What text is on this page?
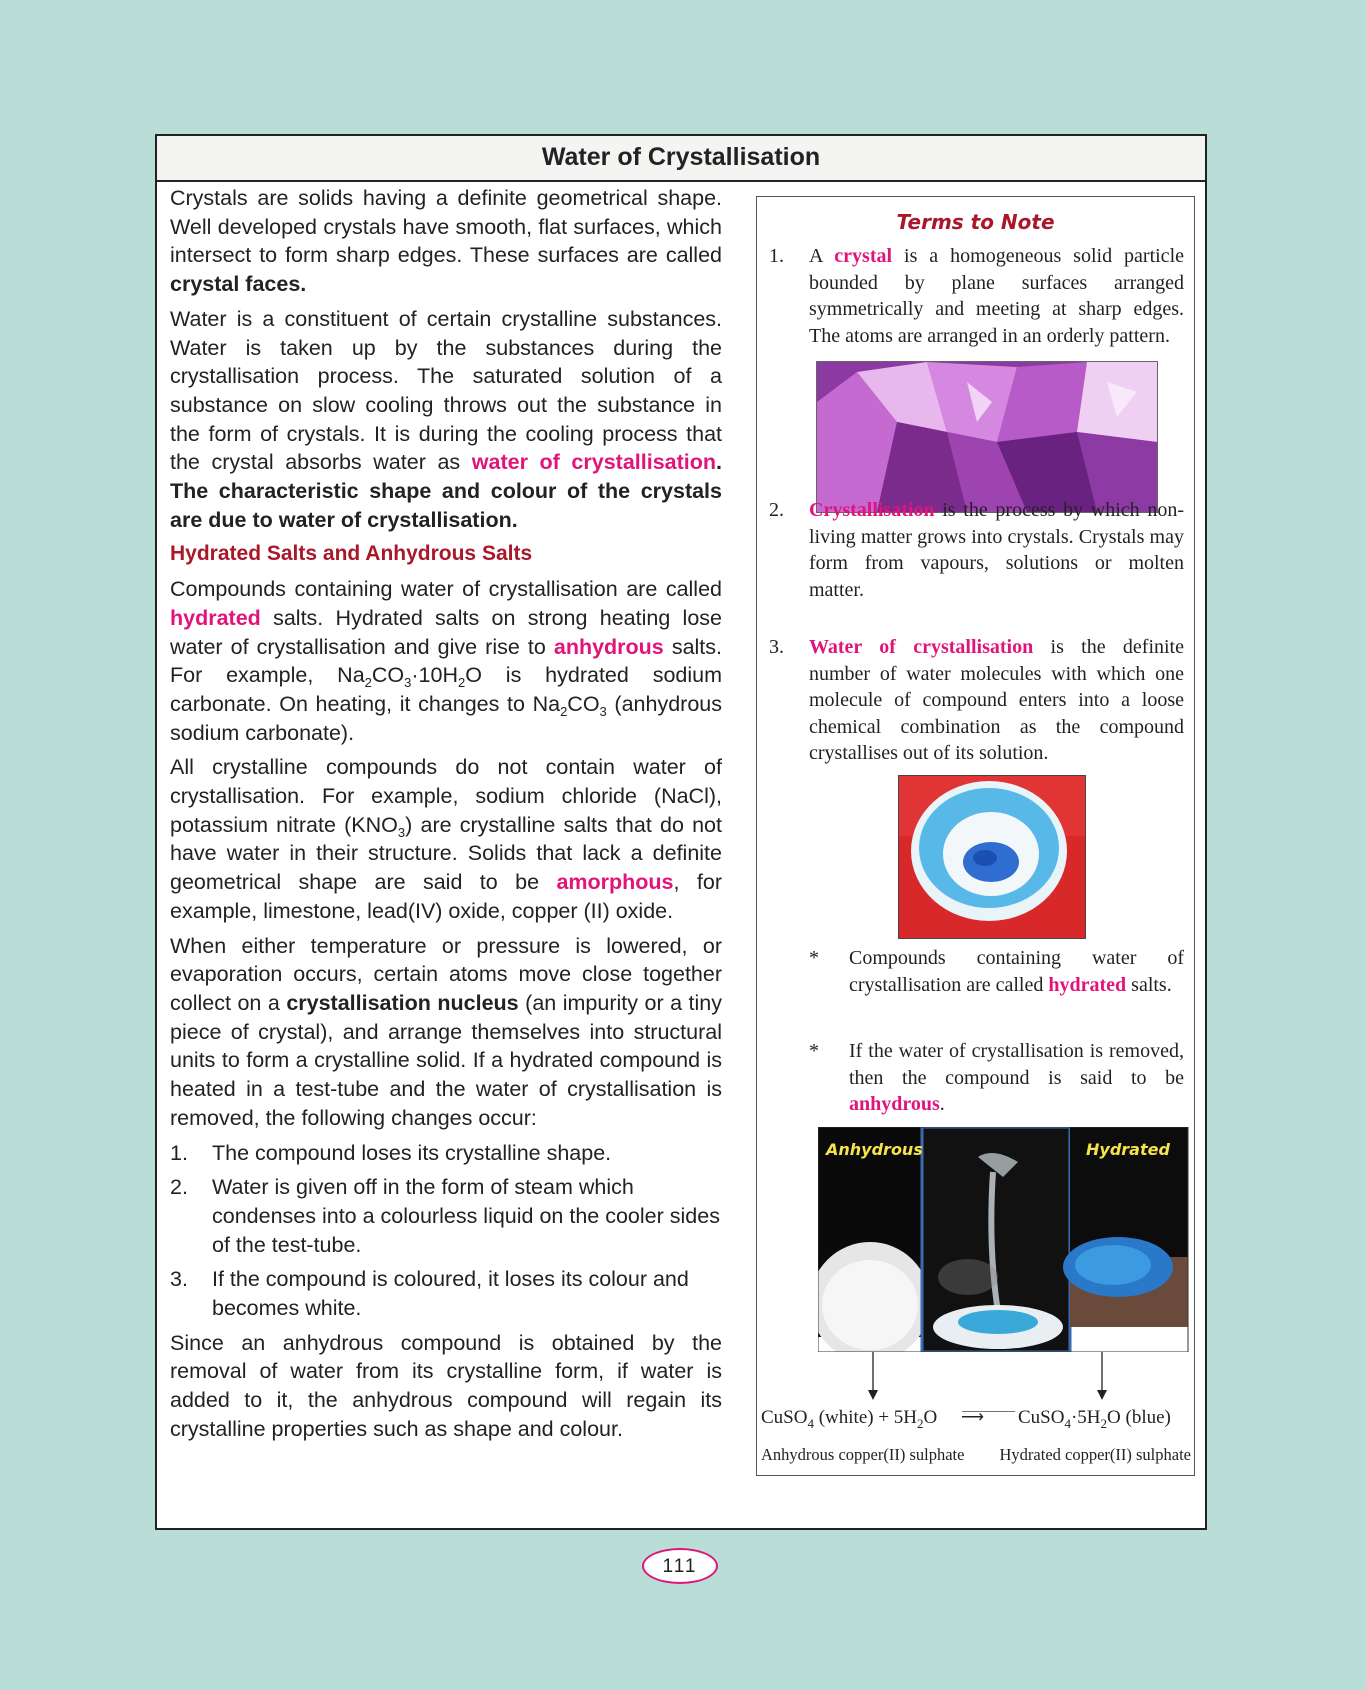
Water of Crystallisation

Crystals are solids having a definite geometrical shape. Well developed crystals have smooth, flat surfaces, which intersect to form sharp edges. These surfaces are called crystal faces.

Water is a constituent of certain crystalline substances. Water is taken up by the substances during the crystallisation process. The saturated solution of a substance on slow cooling throws out the substance in the form of crystals. It is during the cooling process that the crystal absorbs water as water of crystallisation. The characteristic shape and colour of the crystals are due to water of crystallisation.

Hydrated Salts and Anhydrous Salts

Compounds containing water of crystallisation are called hydrated salts. Hydrated salts on strong heating lose water of crystallisation and give rise to anhydrous salts. For example, $Na_2CO_3\cdot 10H_2O$ is hydrated sodium carbonate. On heating, it changes to $Na_2CO_3$ (anhydrous sodium carbonate).

All crystalline compounds do not contain water of crystallisation. For example, sodium chloride (NaCl), potassium nitrate $(KNO_3)$ are crystalline salts that do not have water in their structure. Solids that lack a definite geometrical shape are said to be amorphous, for example, limestone, lead(IV) oxide, copper (II) oxide.

When either temperature or pressure is lowered, or evaporation occurs, certain atoms move close together collect on a crystallisation nucleus (an impurity or a tiny piece of crystal), and arrange themselves into structural units to form a crystalline solid. If a hydrated compound is heated in a test-tube and the water of crystallisation is removed, the following changes occur:

1.	The compound loses its crystalline shape.
2.	Water is given off in the form of steam which condenses into a colourless liquid on the cooler sides of the test-tube.
3.	If the compound is coloured, it loses its colour and becomes white.

Since an anhydrous compound is obtained by the removal of water from its crystalline form, if water is added to it, the anhydrous compound will regain its crystalline properties such as shape and colour.

Terms to Note
1.	A crystal is a homogeneous solid particle bounded by plane surfaces arranged symmetrically and meeting at sharp edges. The atoms are arranged in an orderly pattern.
2.	Crystallisation is the process by which non-living matter grows into crystals. Crystals may form from vapours, solutions or molten matter.
3.	Water of crystallisation is the definite number of water molecules with which one molecule of compound enters into a loose chemical combination as the compound crystallises out of its solution.
*	Compounds containing water of crystallisation are called hydrated salts.
*	If the water of crystallisation is removed, then the compound is said to be anhydrous.
Anhydrous	Hydrated
CuSO$_4$ (white) + $5H_2O$ ⟶ $CuSO_4\cdot 5H_2O$ (blue)
Anhydrous copper(II) sulphate Hydrated copper(II) sulphate
111
